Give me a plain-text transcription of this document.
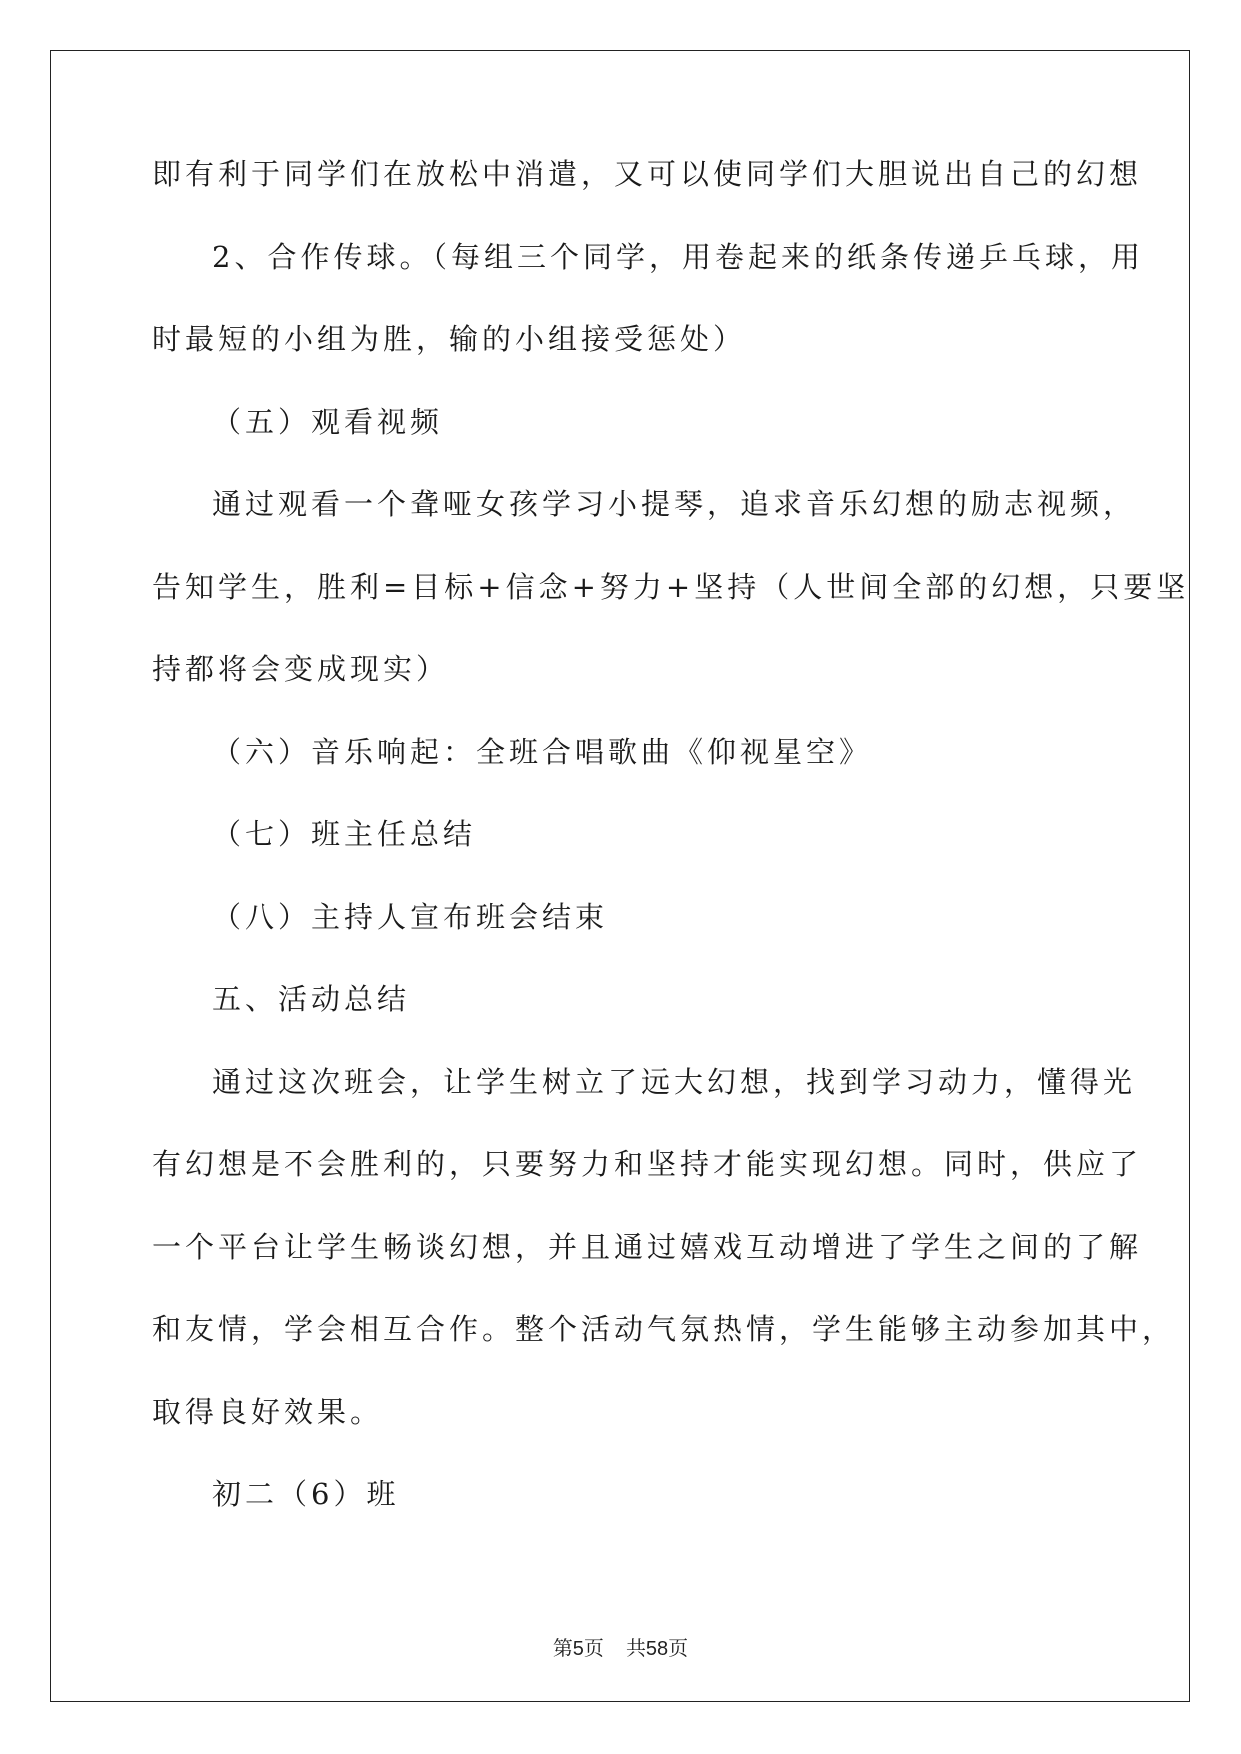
即有利于同学们在放松中消遣，又可以使同学们大胆说出自己的幻想
2、合作传球。（每组三个同学，用卷起来的纸条传递乒乓球，用
时最短的小组为胜，输的小组接受惩处）
（五）观看视频
通过观看一个聋哑女孩学习小提琴，追求音乐幻想的励志视频，
告知学生，胜利=目标+信念+努力+坚持（人世间全部的幻想，只要坚
持都将会变成现实）
（六）音乐响起：全班合唱歌曲《仰视星空》
（七）班主任总结
（八）主持人宣布班会结束
五、活动总结
通过这次班会，让学生树立了远大幻想，找到学习动力，懂得光
有幻想是不会胜利的，只要努力和坚持才能实现幻想。同时，供应了
一个平台让学生畅谈幻想，并且通过嬉戏互动增进了学生之间的了解
和友情，学会相互合作。整个活动气氛热情，学生能够主动参加其中，
取得良好效果。
初二（6）班
第5页 共58页
